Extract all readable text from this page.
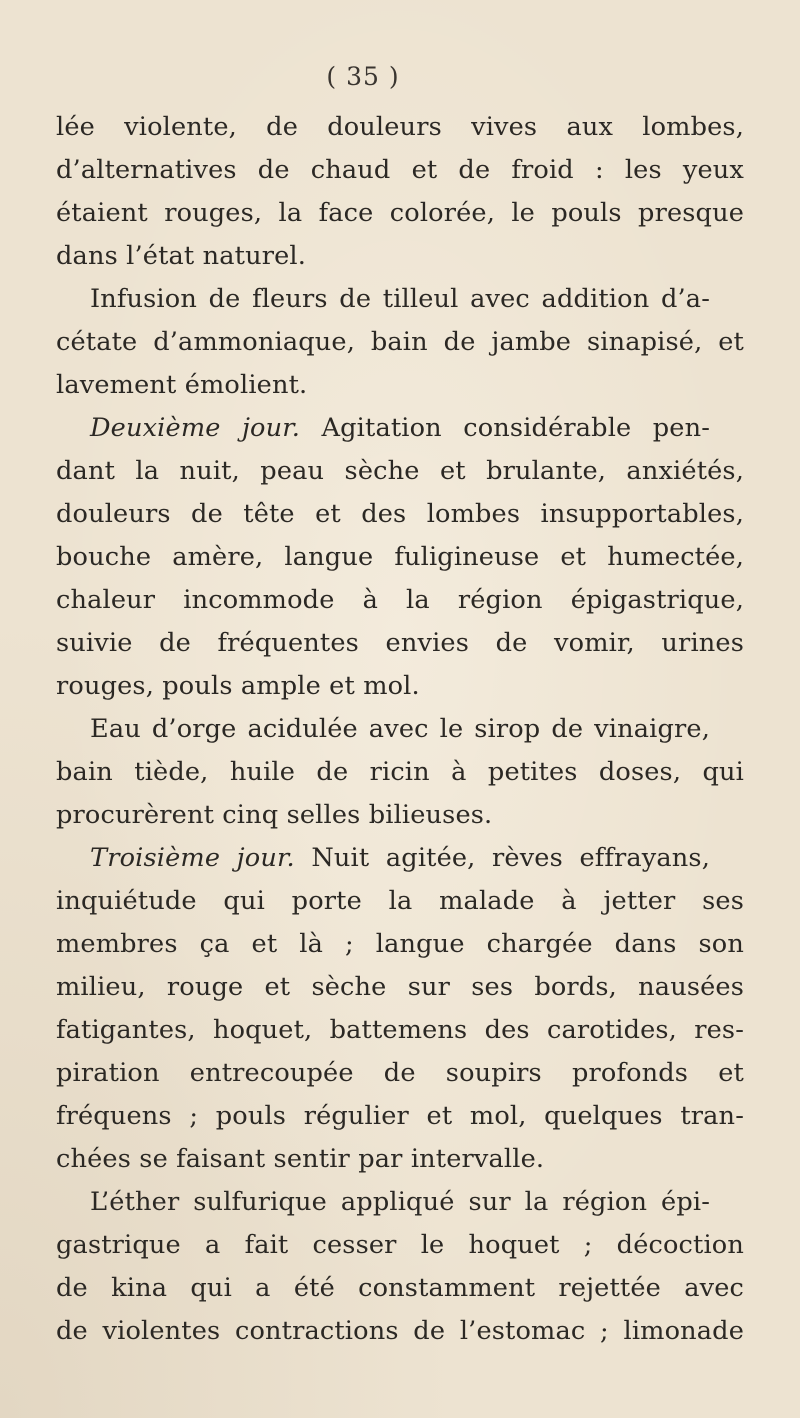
( 35 )
lée violente, de douleurs vives aux lombes,
d’alternatives de chaud et de froid : les yeux
étaient rouges, la face colorée, le pouls presque
dans l’état naturel.
Infusion de fleurs de tilleul avec addition d’a-
cétate d’ammoniaque, bain de jambe sinapisé, et
lavement émolient.
Deuxième jour. Agitation considérable pen-
dant la nuit, peau sèche et brulante, anxiétés,
douleurs de tête et des lombes insupportables,
bouche amère, langue fuligineuse et humectée,
chaleur incommode à la région épigastrique,
suivie de fréquentes envies de vomir, urines
rouges, pouls ample et mol.
Eau d’orge acidulée avec le sirop de vinaigre,
bain tiède, huile de ricin à petites doses, qui
procurèrent cinq selles bilieuses.
Troisième jour. Nuit agitée, rèves effrayans,
inquiétude qui porte la malade à jetter ses
membres ça et là ; langue chargée dans son
milieu, rouge et sèche sur ses bords, nausées
fatigantes, hoquet, battemens des carotides, res-
piration entrecoupée de soupirs profonds et
fréquens ; pouls régulier et mol, quelques tran-
chées se faisant sentir par intervalle.
L’éther sulfurique appliqué sur la région épi-
gastrique a fait cesser le hoquet ; décoction
de kina qui a été constamment rejettée avec
de violentes contractions de l’estomac ; limonade
